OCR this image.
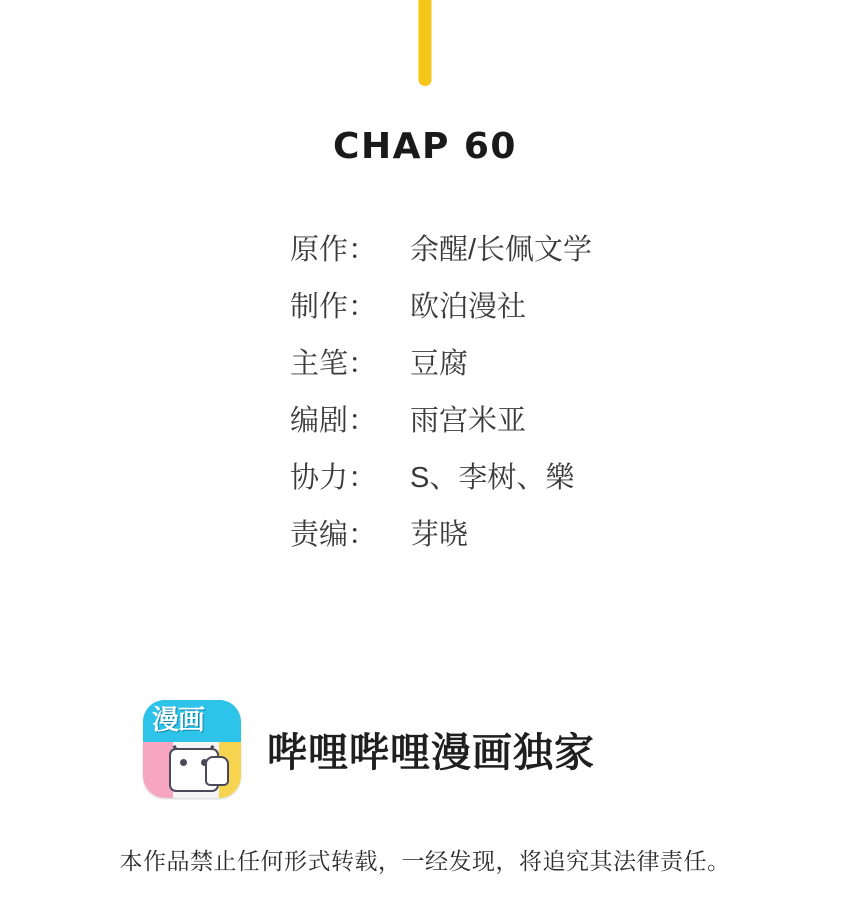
CHAP 60
原作：	余醒/长佩文学
制作：	欧泊漫社
主笔：	豆腐
编剧：	雨宫米亚
协力：	S、李树、樂
责编：	芽晓
漫画
哔哩哔哩漫画独家
本作品禁止任何形式转载，一经发现，将追究其法律责任。
